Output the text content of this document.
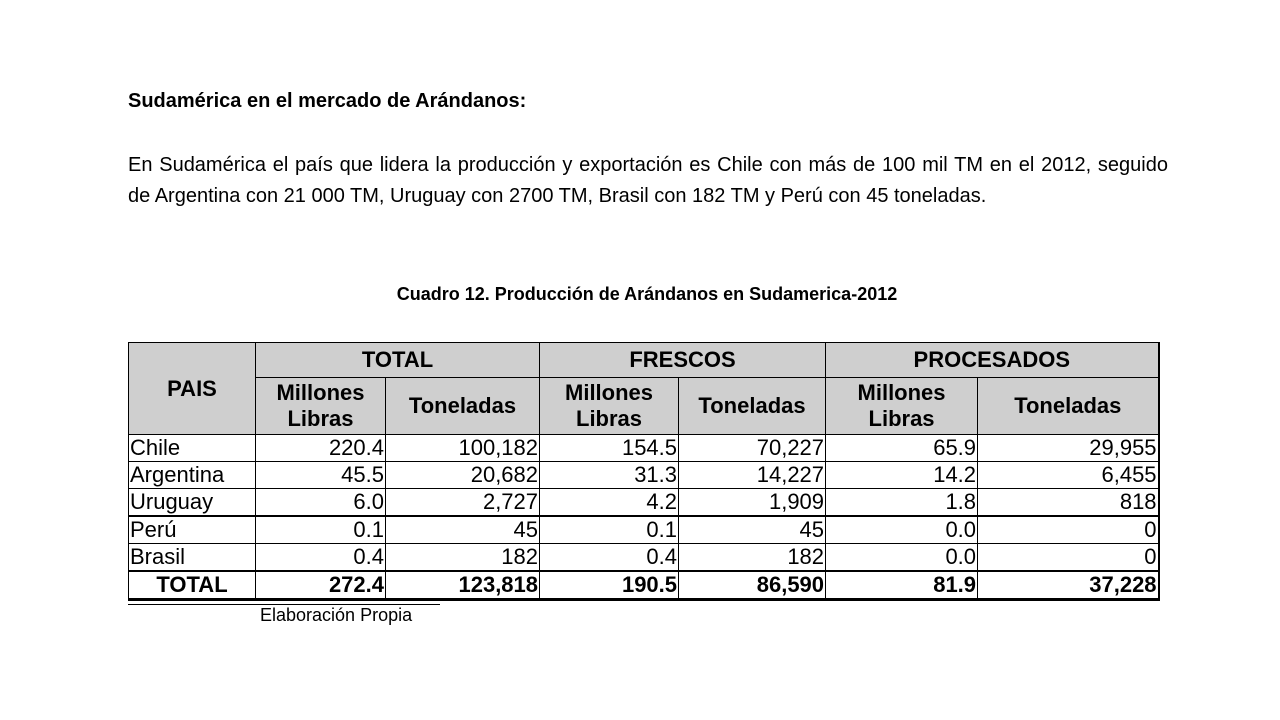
Sudamérica en el mercado de Arándanos:

En Sudamérica el país que lidera la producción y exportación es Chile con más de 100 mil TM en el 2012, seguido de Argentina con 21 000 TM, Uruguay con 2700 TM, Brasil con 182 TM y Perú con 45 toneladas.

Cuadro 12. Producción de Arándanos en Sudamerica-2012

PAIS	TOTAL		FRESCOS		PROCESADOS	
	Millones Libras	Toneladas	Millones Libras	Toneladas	Millones Libras	Toneladas
Chile	220.4	100,182	154.5	70,227	65.9	29,955
Argentina	45.5	20,682	31.3	14,227	14.2	6,455
Uruguay	6.0	2,727	4.2	1,909	1.8	818
Perú	0.1	45	0.1	45	0.0	0
Brasil	0.4	182	0.4	182	0.0	0
TOTAL	272.4	123,818	190.5	86,590	81.9	37,228

Elaboración Propia
